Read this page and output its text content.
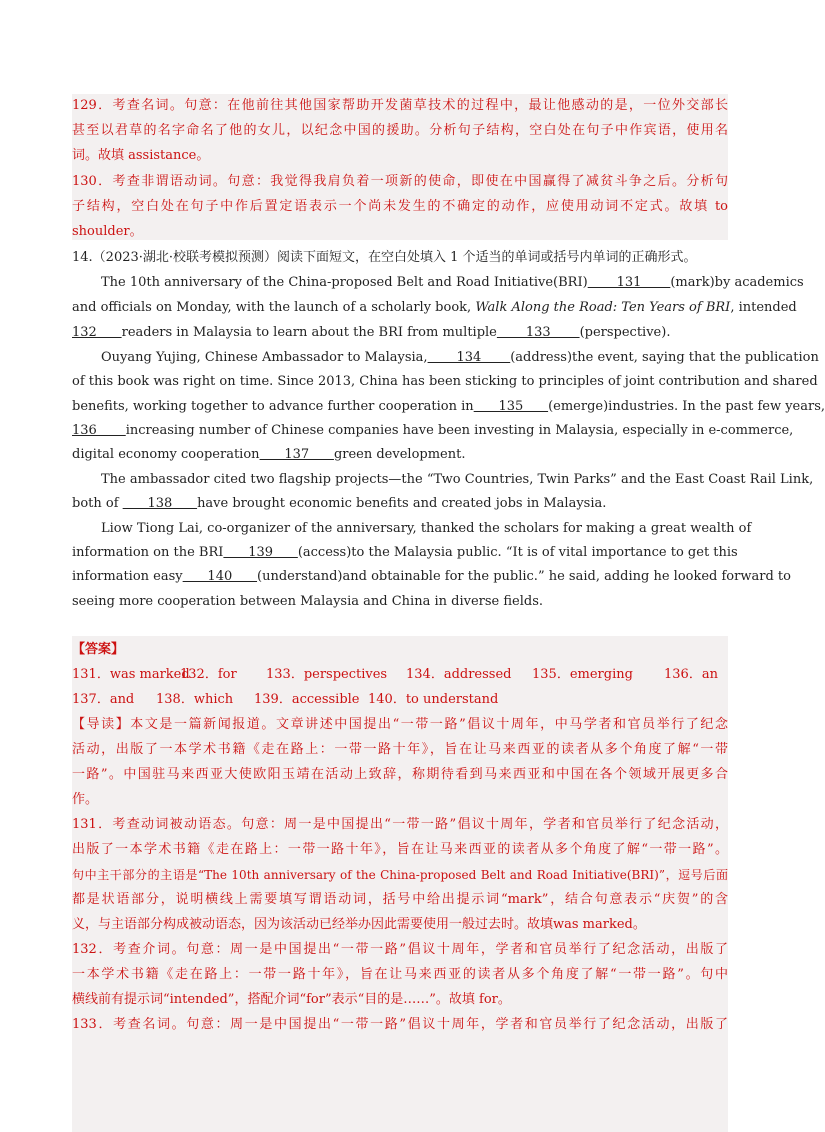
129．考查名词。句意：在他前往其他国家帮助开发菌草技术的过程中，最让他感动的是，一位外交部长
甚至以君草的名字命名了他的女儿，以纪念中国的援助。分析句子结构，空白处在句子中作宾语，使用名
词。故填 assistance。
130．考查非谓语动词。句意：我觉得我肩负着一项新的使命，即使在中国赢得了减贫斗争之后。分析句
子结构，空白处在句子中作后置定语表示一个尚未发生的不确定的动作，应使用动词不定式。故填 to
shoulder。
14.（2023·湖北·校联考模拟预测）阅读下面短文，在空白处填入 1 个适当的单词或括号内单词的正确形式。
The 10th anniversary of the China-proposed Belt and Road Initiative(BRI)       131       (mark)by academics
and officials on Monday, with the launch of a scholarly book, Walk Along the Road: Ten Years of BRI, intended
132      readers in Malaysia to learn about the BRI from multiple       133       (perspective).
Ouyang Yujing, Chinese Ambassador to Malaysia,       134       (address)the event, saying that the publication
of this book was right on time. Since 2013, China has been sticking to principles of joint contribution and shared
benefits, working together to advance further cooperation in      135      (emerge)industries. In the past few years,
136       increasing number of Chinese companies have been investing in Malaysia, especially in e-commerce,
digital economy cooperation      137      green development.
The ambassador cited two flagship projects—the “Two Countries, Twin Parks” and the East Coast Rail Link,
both of       138      have brought economic benefits and created jobs in Malaysia.
Liow Tiong Lai, co-organizer of the anniversary, thanked the scholars for making a great wealth of
information on the BRI      139      (access)to the Malaysia public. “It is of vital importance to get this
information easy      140      (understand)and obtainable for the public.” he said, adding he looked forward to
seeing more cooperation between Malaysia and China in diverse fields.
【答案】
131．was marked132．for 133．perspectives 134．addressed 135．emerging 136．an
137．and 138．which 139．accessible 140．to understand
【导读】本文是一篇新闻报道。文章讲述中国提出“一带一路”倡议十周年，中马学者和官员举行了纪念
活动，出版了一本学术书籍《走在路上：一带一路十年》，旨在让马来西亚的读者从多个角度了解“一带
一路”。中国驻马来西亚大使欧阳玉靖在活动上致辞，称期待看到马来西亚和中国在各个领域开展更多合
作。
131．考查动词被动语态。句意：周一是中国提出“一带一路”倡议十周年，学者和官员举行了纪念活动，
出版了一本学术书籍《走在路上：一带一路十年》，旨在让马来西亚的读者从多个角度了解“一带一路”。
句中主干部分的主语是“The 10th anniversary of the China-proposed Belt and Road Initiative(BRI)”，逗号后面
都是状语部分，说明横线上需要填写谓语动词，括号中给出提示词“mark”，结合句意表示“庆贺”的含
义，与主语部分构成被动语态，因为该活动已经举办因此需要使用一般过去时。故填was marked。
132．考查介词。句意：周一是中国提出“一带一路”倡议十周年，学者和官员举行了纪念活动，出版了
一本学术书籍《走在路上：一带一路十年》，旨在让马来西亚的读者从多个角度了解“一带一路”。句中
横线前有提示词“intended”，搭配介词“for”表示“目的是……”。故填 for。
133．考查名词。句意：周一是中国提出“一带一路”倡议十周年，学者和官员举行了纪念活动，出版了
